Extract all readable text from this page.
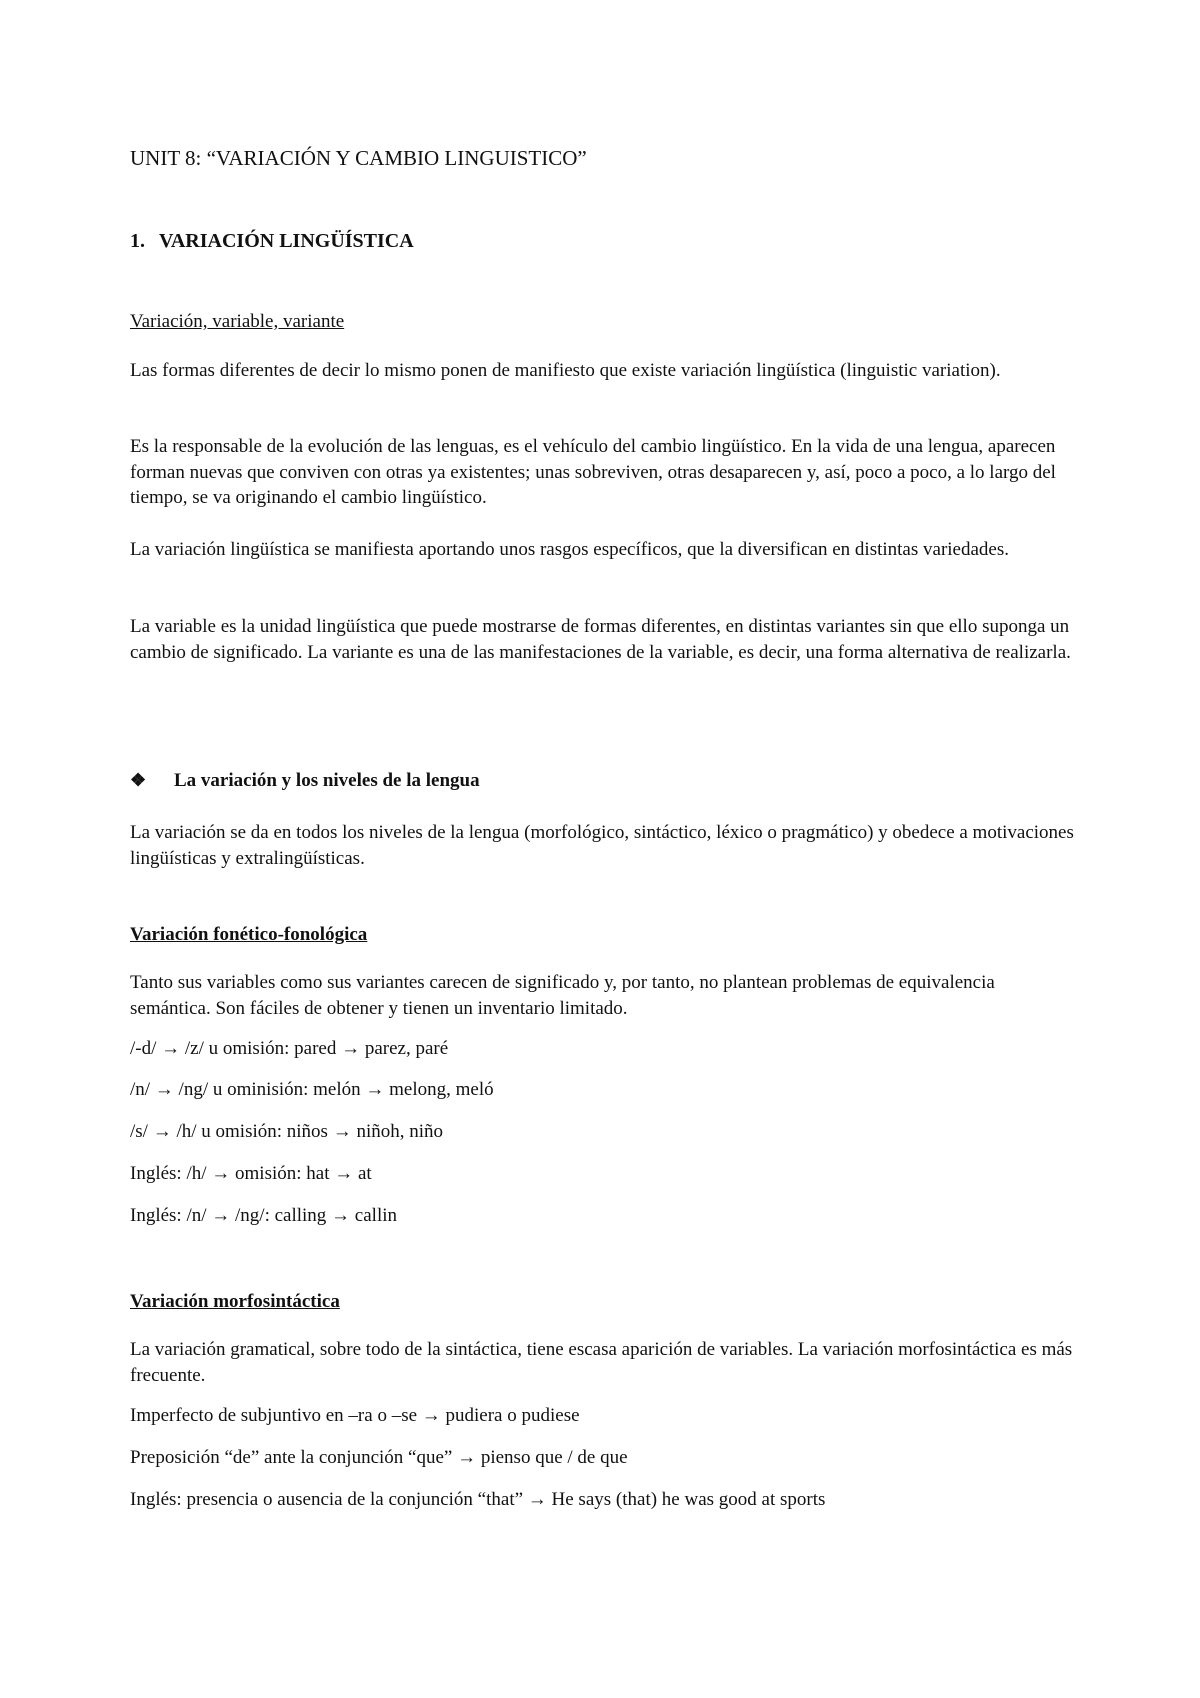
UNIT 8: “VARIACIÓN Y CAMBIO LINGUISTICO”
1. VARIACIÓN LINGÜÍSTICA
Variación, variable, variante
Las formas diferentes de decir lo mismo ponen de manifiesto que existe variación lingüística (linguistic variation).
Es la responsable de la evolución de las lenguas, es el vehículo del cambio lingüístico. En la vida de una lengua, aparecen forman nuevas que conviven con otras ya existentes; unas sobreviven, otras desaparecen y, así, poco a poco, a lo largo del tiempo, se va originando el cambio lingüístico.
La variación lingüística se manifiesta aportando unos rasgos específicos, que la diversifican en distintas variedades.
La variable es la unidad lingüística que puede mostrarse de formas diferentes, en distintas variantes sin que ello suponga un cambio de significado. La variante es una de las manifestaciones de la variable, es decir, una forma alternativa de realizarla.
❖ La variación y los niveles de la lengua
La variación se da en todos los niveles de la lengua (morfológico, sintáctico, léxico o pragmático) y obedece a motivaciones lingüísticas y extralingüísticas.
Variación fonético-fonológica
Tanto sus variables como sus variantes carecen de significado y, por tanto, no plantean problemas de equivalencia semántica. Son fáciles de obtener y tienen un inventario limitado.
/-d/ → /z/ u omisión: pared → parez, paré
/n/ → /ng/ u ominisión: melón → melong, meló
/s/ → /h/ u omisión: niños → niñoh, niño
Inglés: /h/ → omisión: hat → at
Inglés: /n/ → /ng/: calling → callin
Variación morfosintáctica
La variación gramatical, sobre todo de la sintáctica, tiene escasa aparición de variables. La variación morfosintáctica es más frecuente.
Imperfecto de subjuntivo en –ra o –se → pudiera o pudiese
Preposición “de” ante la conjunción “que” → pienso que / de que
Inglés: presencia o ausencia de la conjunción “that” → He says (that) he was good at sports
